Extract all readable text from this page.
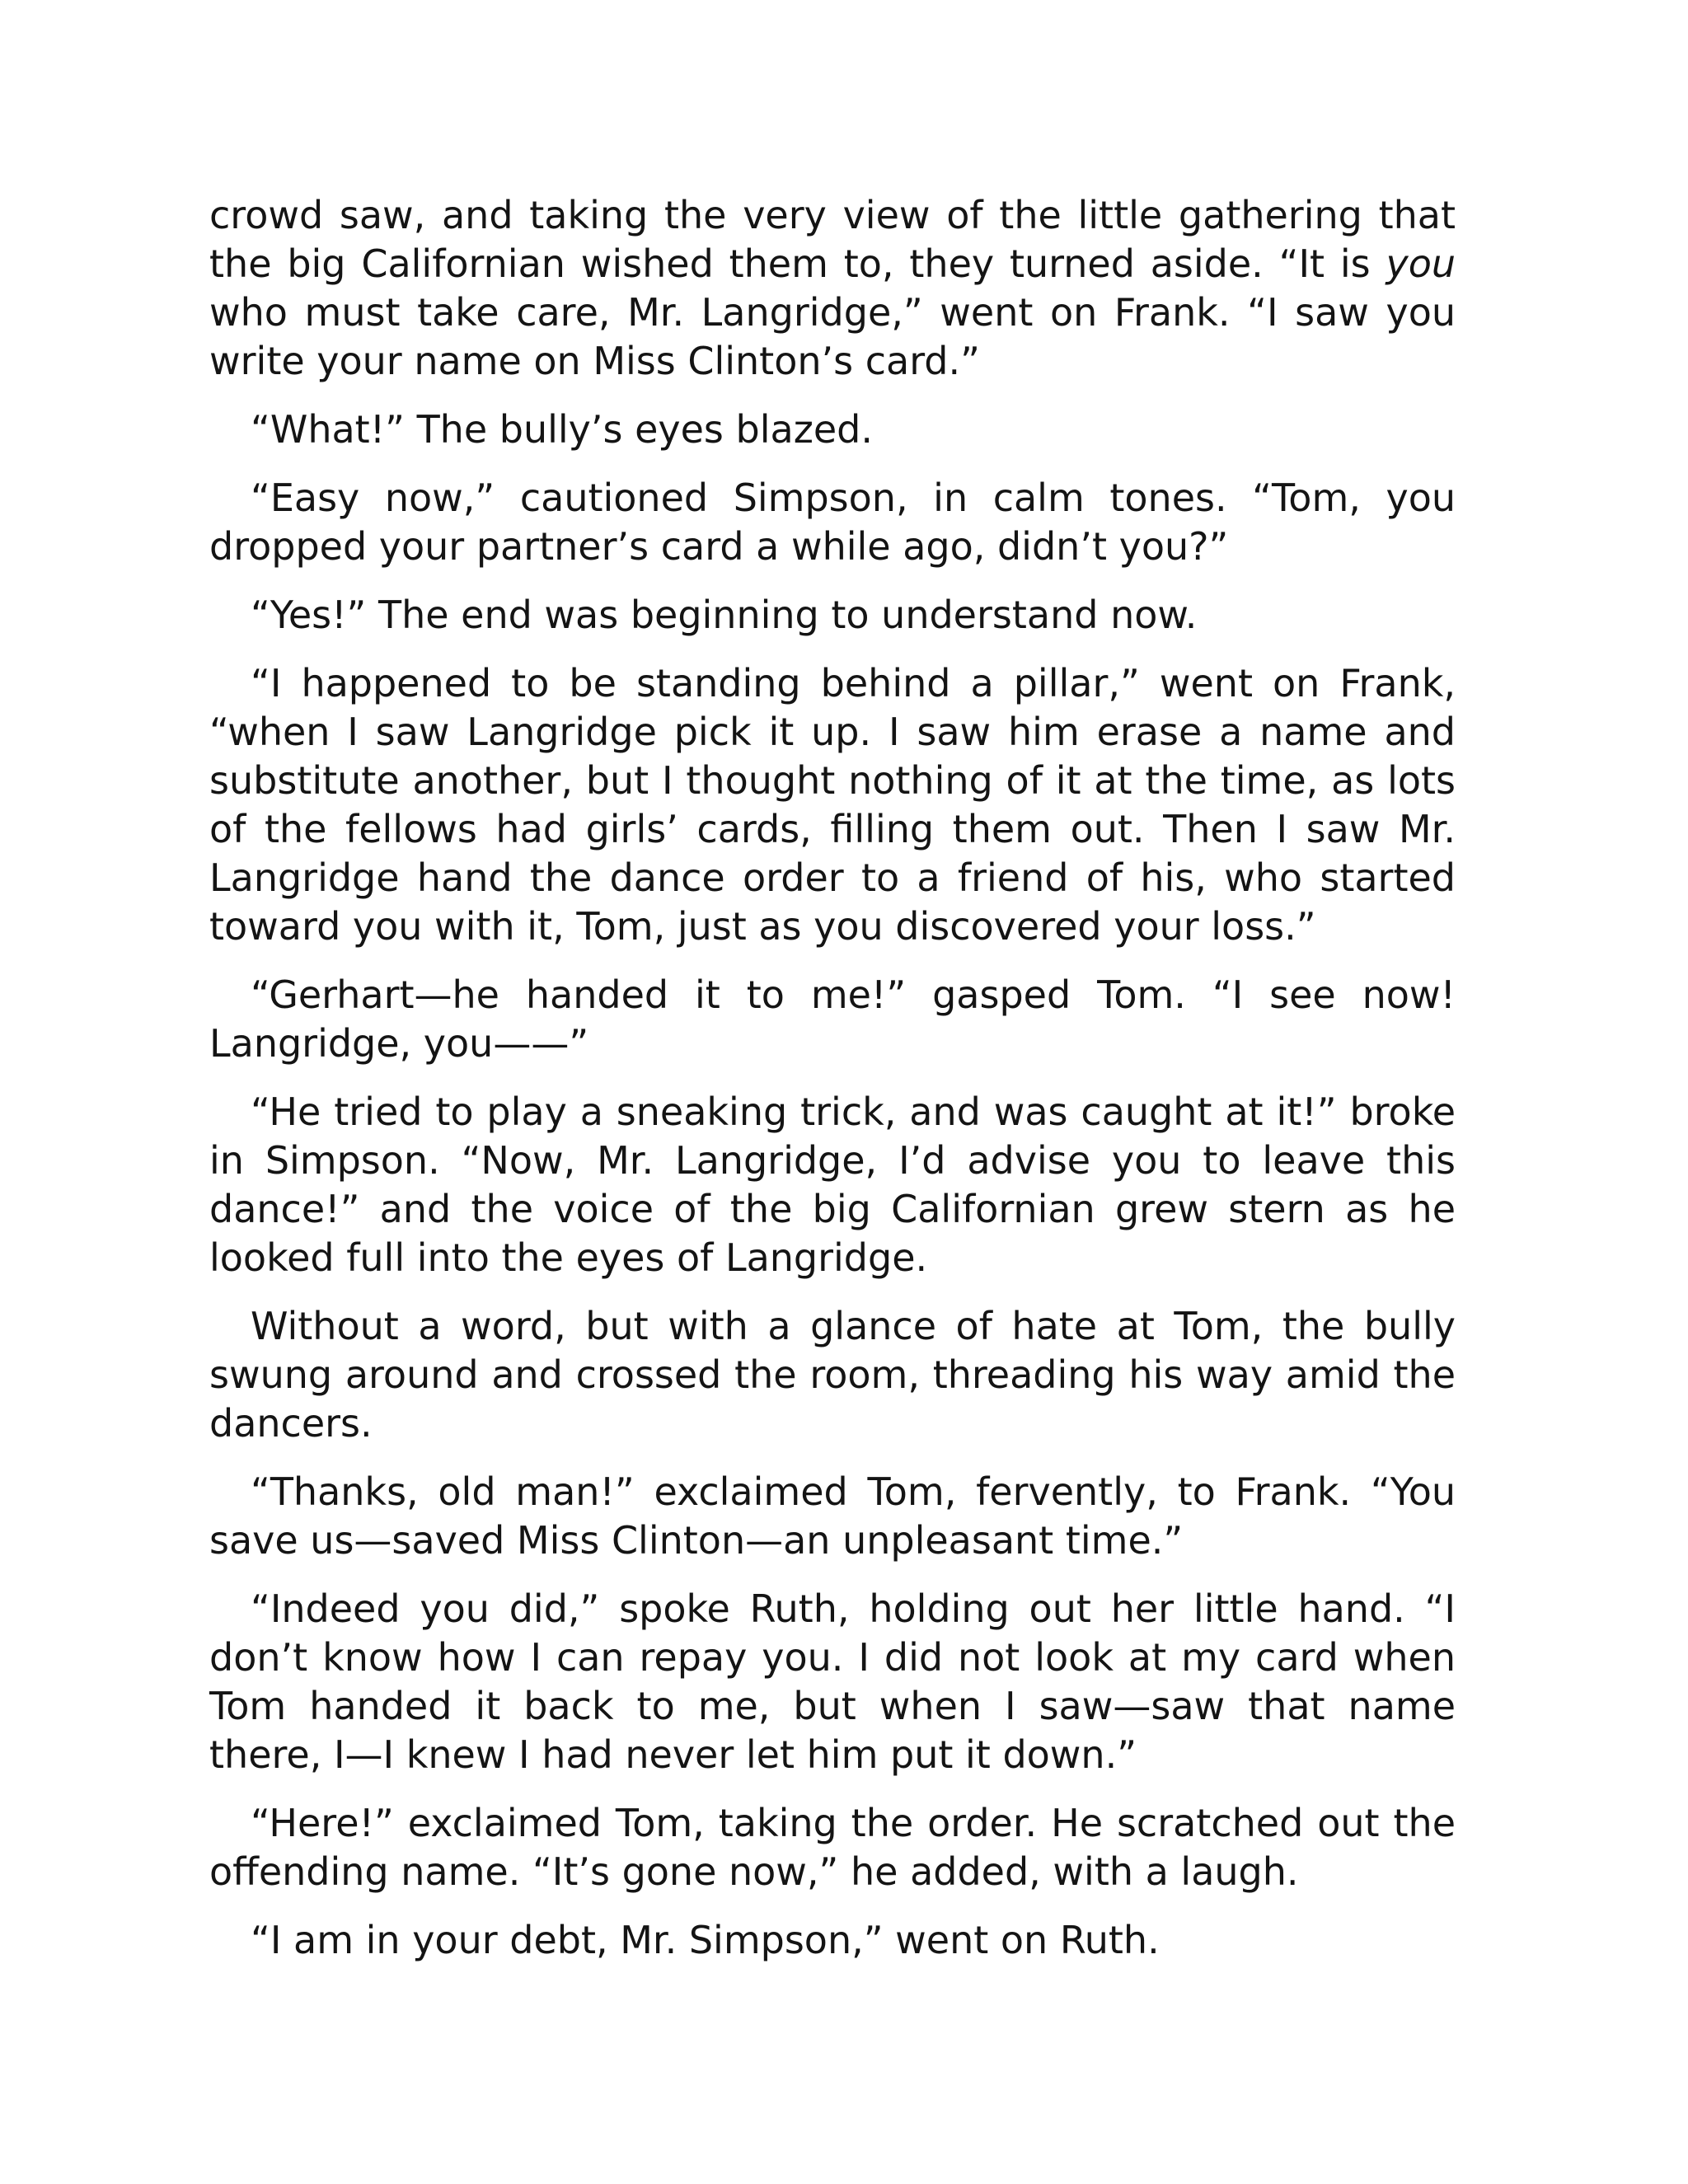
crowd saw, and taking the very view of the little gathering that the big Californian wished them to, they turned aside. “It is you who must take care, Mr. Langridge,” went on Frank. “I saw you write your name on Miss Clinton’s card.”

“What!” The bully’s eyes blazed.

“Easy now,” cautioned Simpson, in calm tones. “Tom, you dropped your partner’s card a while ago, didn’t you?”

“Yes!” The end was beginning to understand now.

“I happened to be standing behind a pillar,” went on Frank, “when I saw Langridge pick it up. I saw him erase a name and substitute another, but I thought nothing of it at the time, as lots of the fellows had girls’ cards, filling them out. Then I saw Mr. Langridge hand the dance order to a friend of his, who started toward you with it, Tom, just as you discovered your loss.”

“Gerhart—he handed it to me!” gasped Tom. “I see now! Langridge, you——”

“He tried to play a sneaking trick, and was caught at it!” broke in Simpson. “Now, Mr. Langridge, I’d advise you to leave this dance!” and the voice of the big Californian grew stern as he looked full into the eyes of Langridge.

Without a word, but with a glance of hate at Tom, the bully swung around and crossed the room, threading his way amid the dancers.

“Thanks, old man!” exclaimed Tom, fervently, to Frank. “You save us—saved Miss Clinton—an unpleasant time.”

“Indeed you did,” spoke Ruth, holding out her little hand. “I don’t know how I can repay you. I did not look at my card when Tom handed it back to me, but when I saw—saw that name there, I—I knew I had never let him put it down.”

“Here!” exclaimed Tom, taking the order. He scratched out the offending name. “It’s gone now,” he added, with a laugh.

“I am in your debt, Mr. Simpson,” went on Ruth.
